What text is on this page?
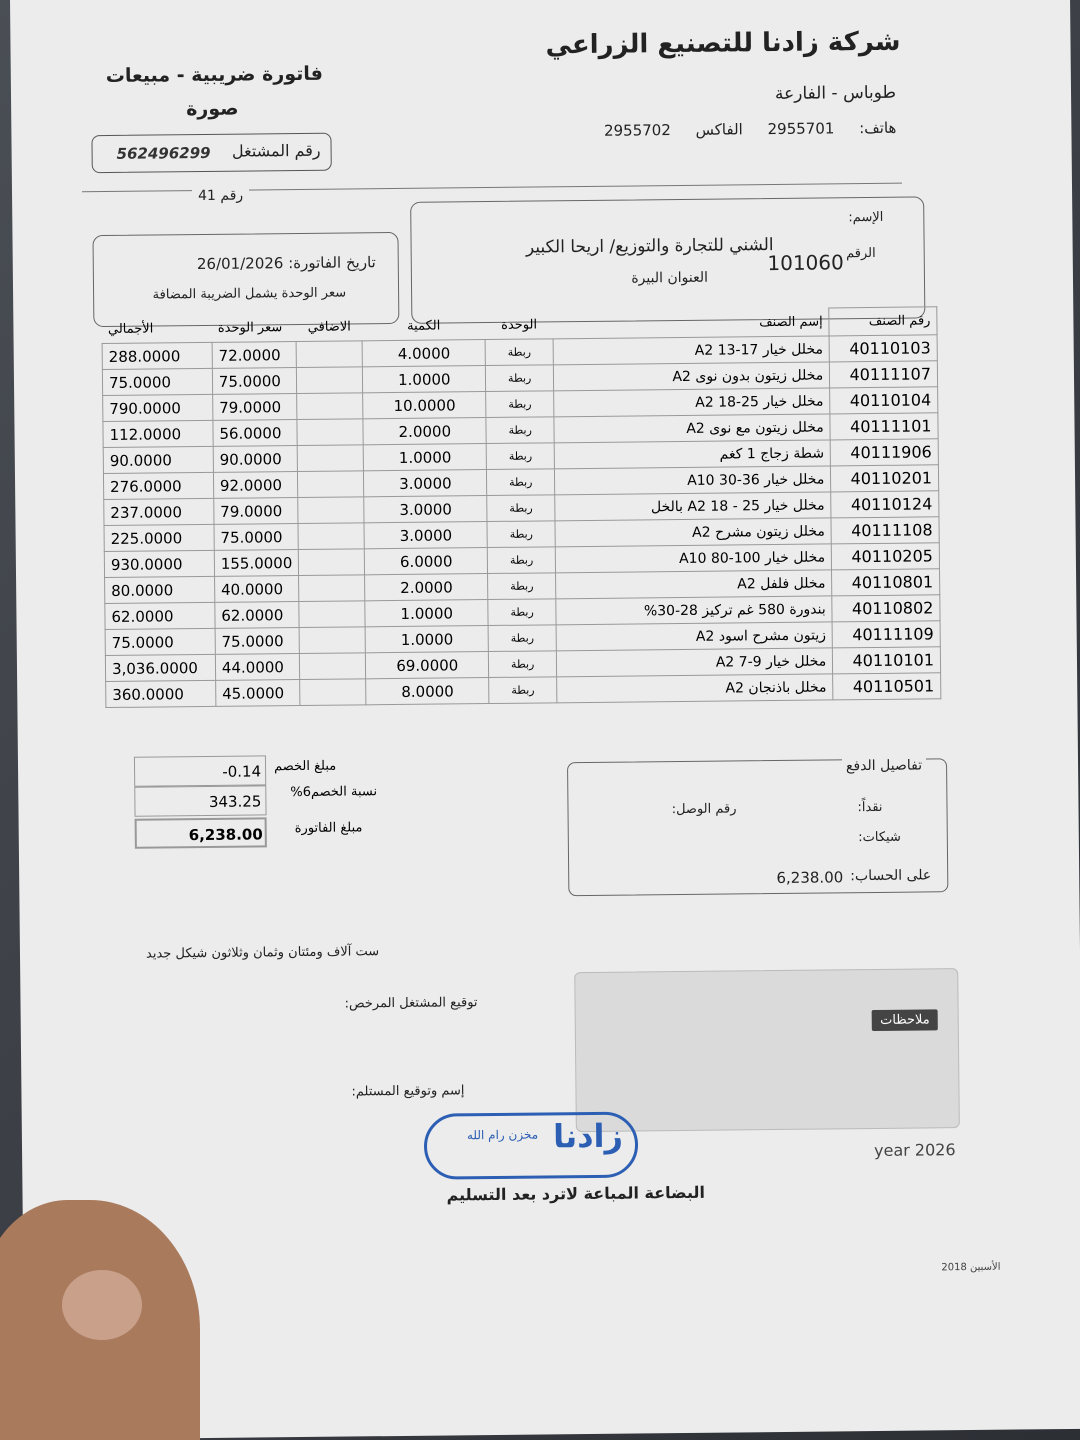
شركة زادنا للتصنيع الزراعي
طوباس - الفارعة
هاتف: 2955701 الفاكس 2955702
فاتورة ضريبية - مبيعات
صورة
رقم المشتغل
562496299
رقم 41
تاريخ الفاتورة: 26/01/2026
سعر الوحدة يشمل الضريبة المضافة
الإسم:
الشني للتجارة والتوزيع/ اريحا الكبير	الرقم
101060
العنوان البيرة
رقم الصنف	إسم الصنف	الوحدة	الكمية	الاضافي	سعر الوحدة	الأجمالي
40110103	مخلل خيار 17-13 A2	ربطة	4.0000		72.0000	288.0000
40111107	مخلل زيتون بدون نوى A2	ربطة	1.0000		75.0000	75.0000
40110104	مخلل خيار 25-18 A2	ربطة	10.0000		79.0000	790.0000
40111101	مخلل زيتون مع نوى A2	ربطة	2.0000		56.0000	112.0000
40111906	شطة زجاج 1 كغم	ربطة	1.0000		90.0000	90.0000
40110201	مخلل خيار 36-30 A10	ربطة	3.0000		92.0000	276.0000
40110124	مخلل خيار 25 - 18 A2 بالخل	ربطة	3.0000		79.0000	237.0000
40111108	مخلل زيتون مشرح A2	ربطة	3.0000		75.0000	225.0000
40110205	مخلل خيار 100-80 A10	ربطة	6.0000		155.0000	930.0000
40110801	مخلل فلفل A2	ربطة	2.0000		40.0000	80.0000
40110802	بندورة 580 غم تركيز 28-30%	ربطة	1.0000		62.0000	62.0000
40111109	زيتون مشرح اسود A2	ربطة	1.0000		75.0000	75.0000
40110101	مخلل خيار 9-7 A2	ربطة	69.0000		44.0000	3,036.0000
40110501	مخلل باذنجان A2	ربطة	8.0000		45.0000	360.0000
-0.14 مبلغ الخصم
343.25 نسبة الخصم6%
6,238.00 مبلغ الفاتورة
تفاصيل الدفع
نقداً:
رقم الوصل:
شيكات:
على الحساب:
6,238.00
ست آلاف ومئتان وثمان وثلاثون شيكل جديد
توقيع المشتغل المرخص:
إسم وتوقيع المستلم:
ملاحظات
زادنا
مخزن رام الله
year 2026
البضاعة المباعة لاترد بعد التسليم
الأسبين 2018
